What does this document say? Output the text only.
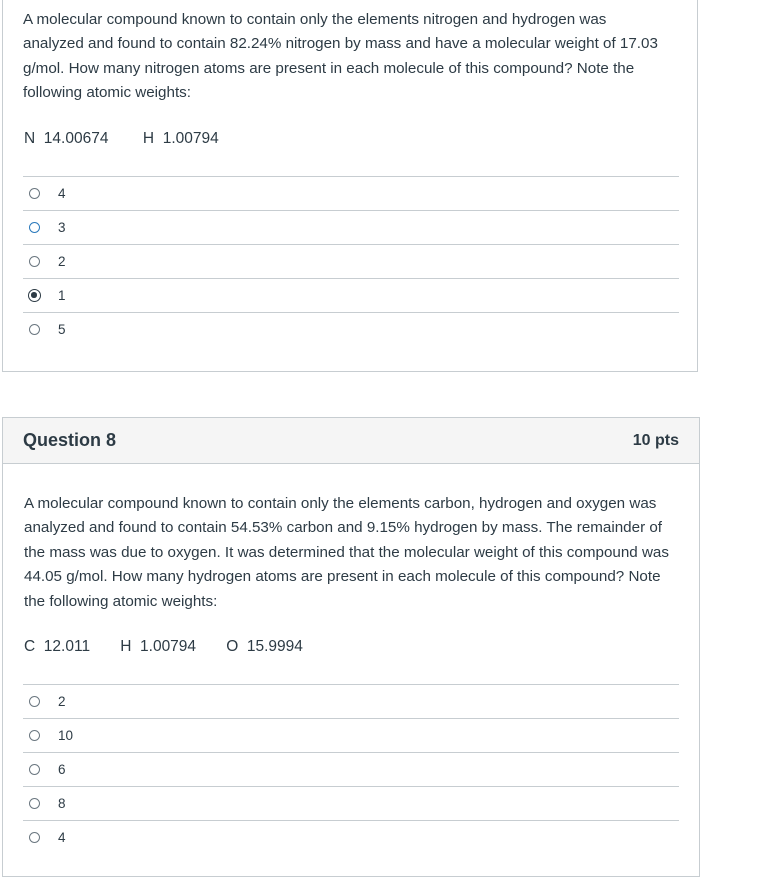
A molecular compound known to contain only the elements nitrogen and hydrogen was analyzed and found to contain 82.24% nitrogen by mass and have a molecular weight of 17.03 g/mol. How many nitrogen atoms are present in each molecule of this compound? Note the following atomic weights:

N  14.00674        H  1.00794
4
3
2
1
5
Question 8	10 pts

A molecular compound known to contain only the elements carbon, hydrogen and oxygen was analyzed and found to contain 54.53% carbon and 9.15% hydrogen by mass. The remainder of the mass was due to oxygen. It was determined that the molecular weight of this compound was 44.05 g/mol. How many hydrogen atoms are present in each molecule of this compound? Note the following atomic weights:

C  12.011       H  1.00794       O  15.9994
2
10
6
8
4
